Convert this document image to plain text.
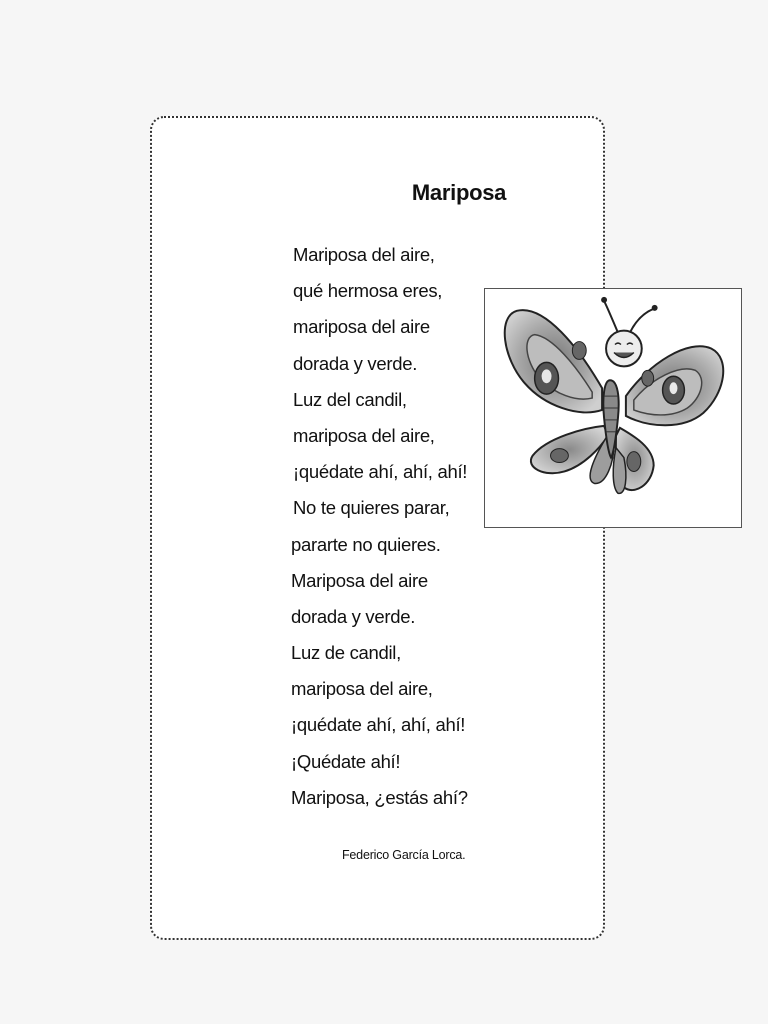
Mariposa
Mariposa del aire,
qué hermosa eres,
mariposa del aire
dorada y verde.
Luz del candil,
mariposa del aire,
¡quédate ahí, ahí, ahí!
No te quieres parar,
pararte no quieres.
Mariposa del aire
dorada y verde.
Luz de candil,
mariposa del aire,
¡quédate ahí, ahí, ahí!
¡Quédate ahí!
Mariposa, ¿estás ahí?
Federico García Lorca.
